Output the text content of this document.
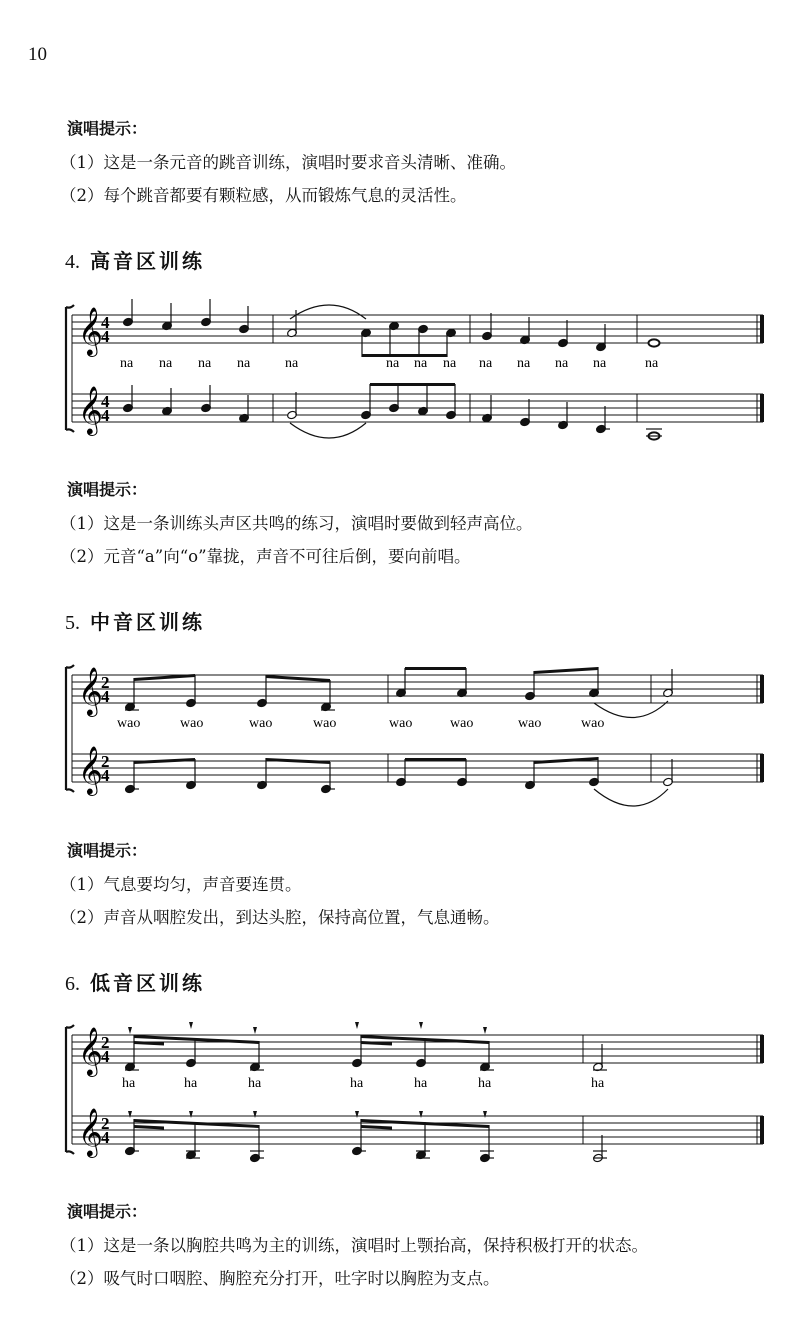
10
演唱提示：
（1）这是一条元音的跳音训练，演唱时要求音头清晰、准确。
（2）每个跳音都要有颗粒感，从而锻炼气息的灵活性。
4. 高音区训练
𝄞
𝄞
4
4
4
4
na na na na na	na na na na na na na	na
演唱提示：
（1）这是一条训练头声区共鸣的练习，演唱时要做到轻声高位。
（2）元音“a”向“o”靠拢，声音不可往后倒，要向前唱。
5. 中音区训练
𝄞
𝄞
2
4
2
4
wao	wao	wao	wao	wao	wao	wao	wao
演唱提示：
（1）气息要均匀，声音要连贯。
（2）声音从咽腔发出，到达头腔，保持高位置，气息通畅。
6. 低音区训练
𝄞
𝄞
2
4
2
4
ha	ha	ha	ha	ha	ha	ha
演唱提示：
（1）这是一条以胸腔共鸣为主的训练，演唱时上颚抬高，保持积极打开的状态。
（2）吸气时口咽腔、胸腔充分打开，吐字时以胸腔为支点。
